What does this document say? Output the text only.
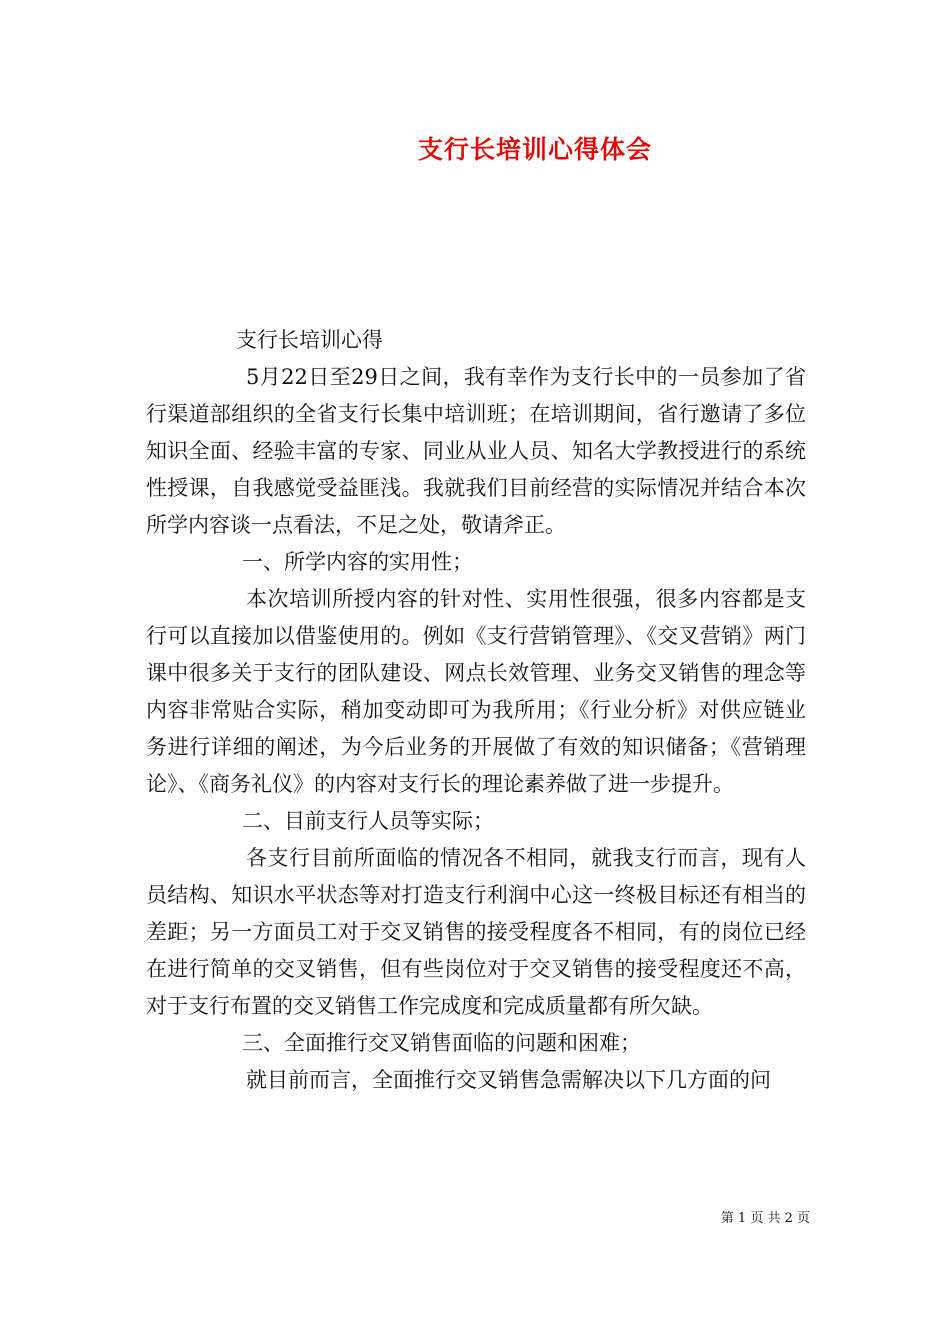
支行长培训心得体会

支行长培训心得

5月22日至29日之间，我有幸作为支行长中的一员参加了省行渠道部组织的全省支行长集中培训班；在培训期间，省行邀请了多位知识全面、经验丰富的专家、同业从业人员、知名大学教授进行的系统性授课，自我感觉受益匪浅。我就我们目前经营的实际情况并结合本次所学内容谈一点看法，不足之处，敬请斧正。

一、所学内容的实用性；

本次培训所授内容的针对性、实用性很强，很多内容都是支行可以直接加以借鉴使用的。例如《支行营销管理》、《交叉营销》两门课中很多关于支行的团队建设、网点长效管理、业务交叉销售的理念等内容非常贴合实际，稍加变动即可为我所用；《行业分析》对供应链业务进行详细的阐述，为今后业务的开展做了有效的知识储备；《营销理论》、《商务礼仪》的内容对支行长的理论素养做了进一步提升。

二、目前支行人员等实际；

各支行目前所面临的情况各不相同，就我支行而言，现有人员结构、知识水平状态等对打造支行利润中心这一终极目标还有相当的差距；另一方面员工对于交叉销售的接受程度各不相同，有的岗位已经在进行简单的交叉销售，但有些岗位对于交叉销售的接受程度还不高，对于支行布置的交叉销售工作完成度和完成质量都有所欠缺。

三、全面推行交叉销售面临的问题和困难；

就目前而言，全面推行交叉销售急需解决以下几方面的问

第 1 页 共 2 页
